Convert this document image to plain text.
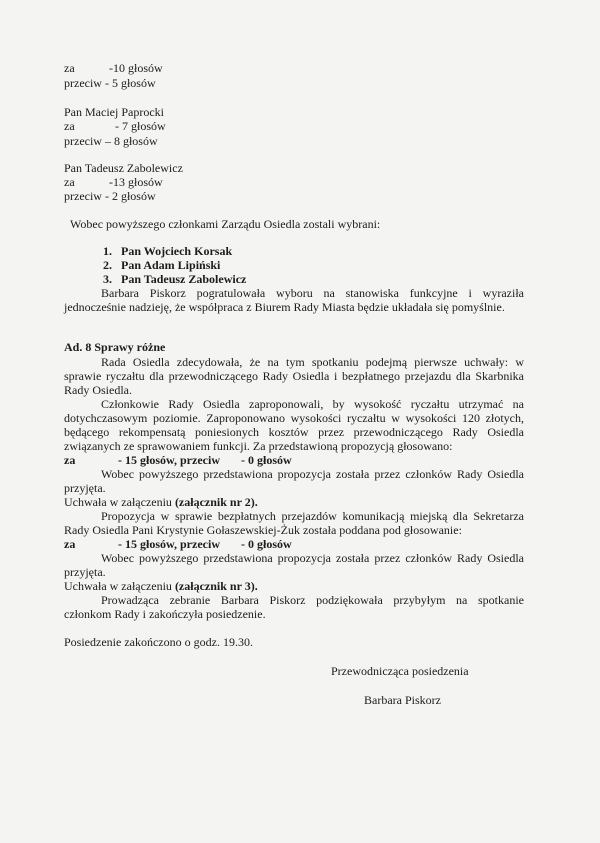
za	-10 głosów
przeciw - 5 głosów
Pan Maciej Paprocki
za	- 7 głosów
przeciw – 8 głosów
Pan Tadeusz Zabolewicz
za	-13 głosów
przeciw - 2 głosów
Wobec powyższego członkami Zarządu Osiedla zostali wybrani:
1. Pan Wojciech Korsak
2. Pan Adam Lipiński
3. Pan Tadeusz Zabolewicz
Barbara Piskorz pogratulowała wyboru na stanowiska funkcyjne i wyraziła
jednocześnie nadzieję, że współpraca z Biurem Rady Miasta będzie układała się pomyślnie.
Ad. 8 Sprawy różne
Rada Osiedla zdecydowała, że na tym spotkaniu podejmą pierwsze uchwały: w
sprawie ryczałtu dla przewodniczącego Rady Osiedla i bezpłatnego przejazdu dla Skarbnika
Rady Osiedla.
Członkowie Rady Osiedla zaproponowali, by wysokość ryczałtu utrzymać na
dotychczasowym poziomie. Zaproponowano wysokości ryczałtu w wysokości 120 złotych,
będącego rekompensatą poniesionych kosztów przez przewodniczącego Rady Osiedla
związanych ze sprawowaniem funkcji. Za przedstawioną propozycją głosowano:
za	- 15 głosów, przeciw - 0 głosów
Wobec powyższego przedstawiona propozycja została przez członków Rady Osiedla
przyjęta.
Uchwała w załączeniu (załącznik nr 2).
Propozycja w sprawie bezpłatnych przejazdów komunikacją miejską dla Sekretarza
Rady Osiedla Pani Krystynie Gołaszewskiej-Żuk została poddana pod głosowanie:
za	- 15 głosów, przeciw - 0 głosów
Wobec powyższego przedstawiona propozycja została przez członków Rady Osiedla
przyjęta.
Uchwała w załączeniu (załącznik nr 3).
Prowadząca zebranie Barbara Piskorz podziękowała przybyłym na spotkanie
członkom Rady i zakończyła posiedzenie.
Posiedzenie zakończono o godz. 19.30.
Przewodnicząca posiedzenia
Barbara Piskorz
